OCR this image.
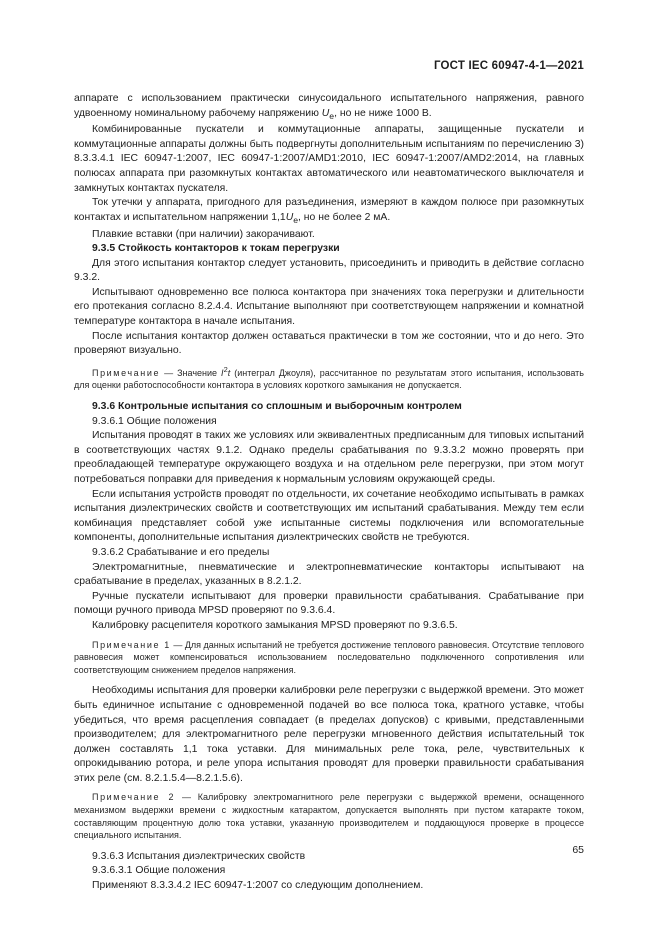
ГОСТ IEC 60947-4-1—2021

аппарате с использованием практически синусоидального испытательного напряжения, равного удвоенному номинальному рабочему напряжению $U_e$, но не ниже 1000 В.

Комбинированные пускатели и коммутационные аппараты, защищенные пускатели и коммутационные аппараты должны быть подвергнуты дополнительным испытаниям по перечислению 3) 8.3.3.4.1 IEC 60947-1:2007, IEC 60947-1:2007/AMD1:2010, IEC 60947-1:2007/AMD2:2014, на главных полюсах аппарата при разомкнутых контактах автоматического или неавтоматического выключателя и замкнутых контактах пускателя.

Ток утечки у аппарата, пригодного для разъединения, измеряют в каждом полюсе при разомкнутых контактах и испытательном напряжении $1,1U_e$, но не более 2 мА.

Плавкие вставки (при наличии) закорачивают.

9.3.5 Стойкость контакторов к токам перегрузки

Для этого испытания контактор следует установить, присоединить и приводить в действие согласно 9.3.2.

Испытывают одновременно все полюса контактора при значениях тока перегрузки и длительности его протекания согласно 8.2.4.4. Испытание выполняют при соответствующем напряжении и комнатной температуре контактора в начале испытания.

После испытания контактор должен оставаться практически в том же состоянии, что и до него. Это проверяют визуально.

Примечание — Значение $I^2t$ (интеграл Джоуля), рассчитанное по результатам этого испытания, использовать для оценки работоспособности контактора в условиях короткого замыкания не допускается.

9.3.6 Контрольные испытания со сплошным и выборочным контролем

9.3.6.1 Общие положения

Испытания проводят в таких же условиях или эквивалентных предписанным для типовых испытаний в соответствующих частях 9.1.2. Однако пределы срабатывания по 9.3.3.2 можно проверять при преобладающей температуре окружающего воздуха и на отдельном реле перегрузки, при этом могут потребоваться поправки для приведения к нормальным условиям окружающей среды.

Если испытания устройств проводят по отдельности, их сочетание необходимо испытывать в рамках испытания диэлектрических свойств и соответствующих им испытаний срабатывания. Между тем если комбинация представляет собой уже испытанные системы подключения или вспомогательные компоненты, дополнительные испытания диэлектрических свойств не требуются.

9.3.6.2 Срабатывание и его пределы

Электромагнитные, пневматические и электропневматические контакторы испытывают на срабатывание в пределах, указанных в 8.2.1.2.

Ручные пускатели испытывают для проверки правильности срабатывания. Срабатывание при помощи ручного привода MPSD проверяют по 9.3.6.4.

Калибровку расцепителя короткого замыкания MPSD проверяют по 9.3.6.5.

Примечание 1 — Для данных испытаний не требуется достижение теплового равновесия. Отсутствие теплового равновесия может компенсироваться использованием последовательно подключенного сопротивления или соответствующим снижением пределов напряжения.

Необходимы испытания для проверки калибровки реле перегрузки с выдержкой времени. Это может быть единичное испытание с одновременной подачей во все полюса тока, кратного уставке, чтобы убедиться, что время расцепления совпадает (в пределах допусков) с кривыми, представленными производителем; для электромагнитного реле перегрузки мгновенного действия испытательный ток должен составлять 1,1 тока уставки. Для минимальных реле тока, реле, чувствительных к опрокидыванию ротора, и реле упора испытания проводят для проверки правильности срабатывания этих реле (см. 8.2.1.5.4—8.2.1.5.6).

Примечание 2 — Калибровку электромагнитного реле перегрузки с выдержкой времени, оснащенного механизмом выдержки времени с жидкостным катарактом, допускается выполнять при пустом катаракте током, составляющим процентную долю тока уставки, указанную производителем и поддающуюся проверке в процессе специального испытания.

9.3.6.3 Испытания диэлектрических свойств

9.3.6.3.1 Общие положения

Применяют 8.3.3.4.2 IEC 60947-1:2007 со следующим дополнением.

65
